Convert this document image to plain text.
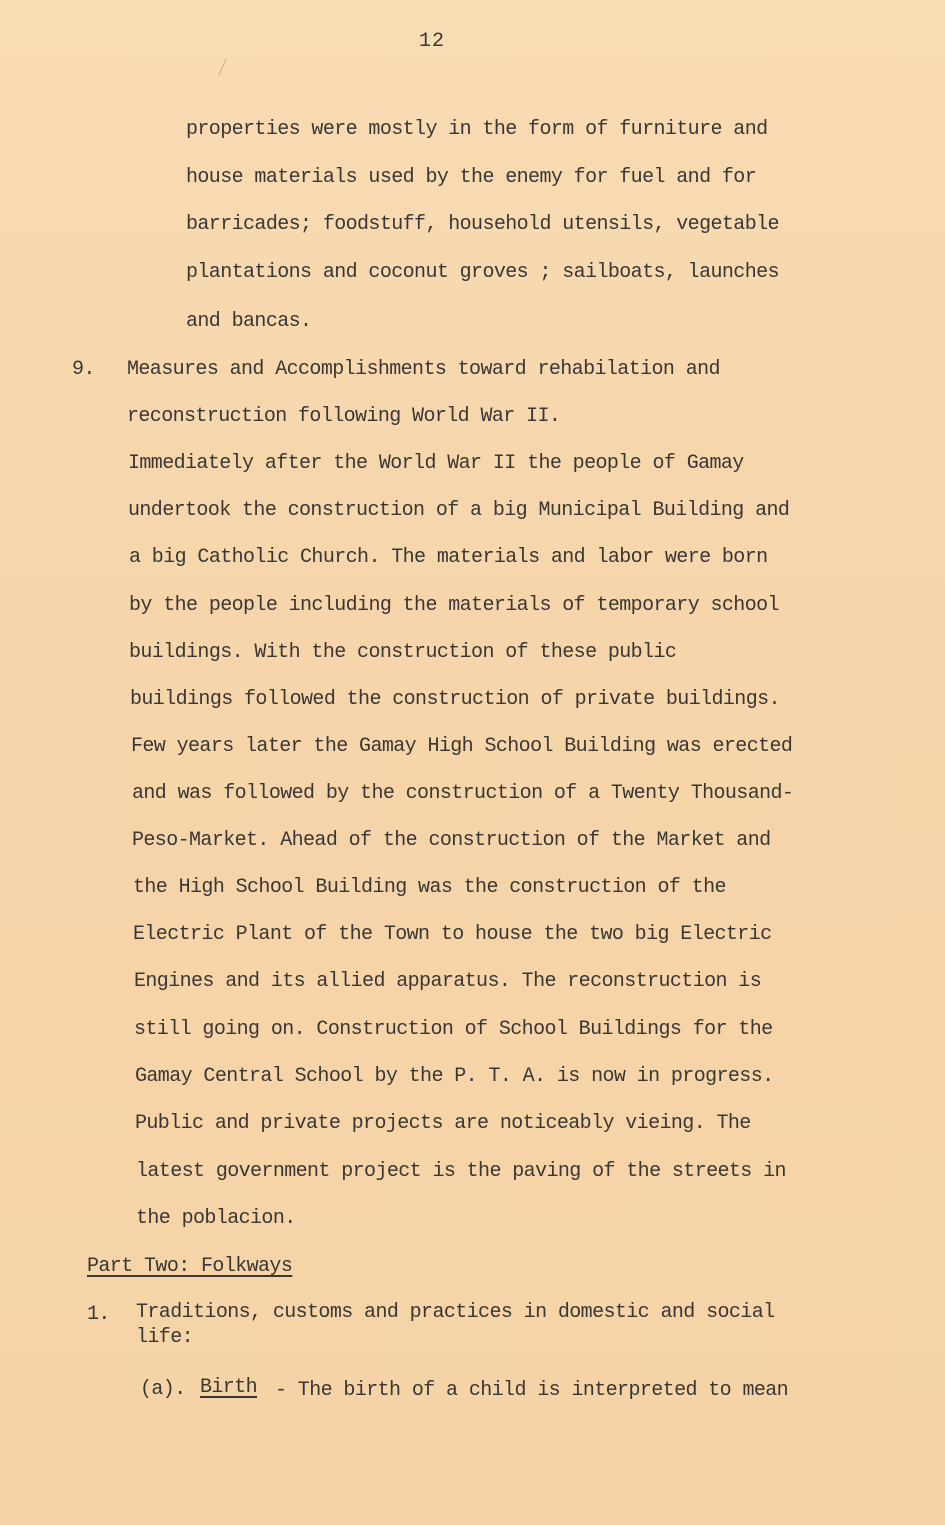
12
properties were mostly in the form of furniture and
house materials used by the enemy for fuel and for
barricades; foodstuff, household utensils, vegetable
plantations and coconut groves ; sailboats, launches
and bancas.
9. Measures and Accomplishments toward rehabilation and
reconstruction following World War II.
Immediately after the World War II the people of Gamay
undertook the construction of a big Municipal Building and
a big Catholic Church. The materials and labor were born
by the people including the materials of temporary school
buildings. With the construction of these public
buildings followed the construction of private buildings.
Few years later the Gamay High School Building was erected
and was followed by the construction of a Twenty Thousand-
Peso-Market. Ahead of the construction of the Market and
the High School Building was the construction of the
Electric Plant of the Town to house the two big Electric
Engines and its allied apparatus. The reconstruction is
still going on. Construction of School Buildings for the
Gamay Central School by the P. T. A. is now in progress.
Public and private projects are noticeably vieing. The
latest government project is the paving of the streets in
the poblacion.
Part Two: Folkways
1. Traditions, customs and practices in domestic and social
life:
(a). Birth - The birth of a child is interpreted to mean
